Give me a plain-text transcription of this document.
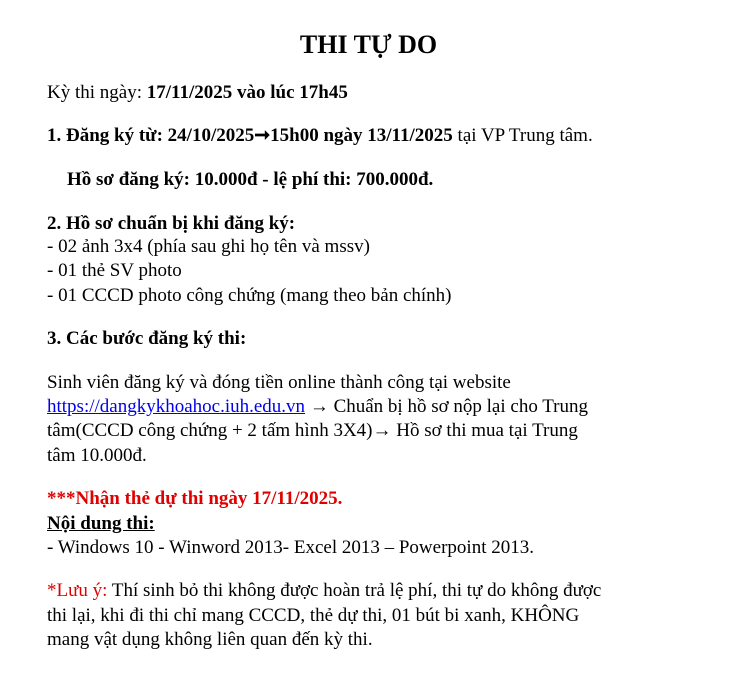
THI TỰ DO
Kỳ thi ngày: 17/11/2025 vào lúc 17h45
1. Đăng ký từ: 24/10/2025➞15h00 ngày 13/11/2025 tại VP Trung tâm.
Hồ sơ đăng ký: 10.000đ - lệ phí thi: 700.000đ.
2. Hồ sơ chuẩn bị khi đăng ký:
- 02 ảnh 3x4 (phía sau ghi họ tên và mssv)
- 01 thẻ SV photo
- 01 CCCD photo công chứng (mang theo bản chính)
3. Các bước đăng ký thi:
Sinh viên đăng ký và đóng tiền online thành công tại website
https://dangkykhoahoc.iuh.edu.vn → Chuẩn bị hồ sơ nộp lại cho Trung
tâm(CCCD công chứng + 2 tấm hình 3X4)→ Hồ sơ thi mua tại Trung
tâm 10.000đ.
***Nhận thẻ dự thi ngày 17/11/2025.
Nội dung thi:
- Windows 10 - Winword 2013- Excel 2013 – Powerpoint 2013.
*Lưu ý: Thí sinh bỏ thi không được hoàn trả lệ phí, thi tự do không được
thi lại, khi đi thi chỉ mang CCCD, thẻ dự thi, 01 bút bi xanh, KHÔNG
mang vật dụng không liên quan đến kỳ thi.
